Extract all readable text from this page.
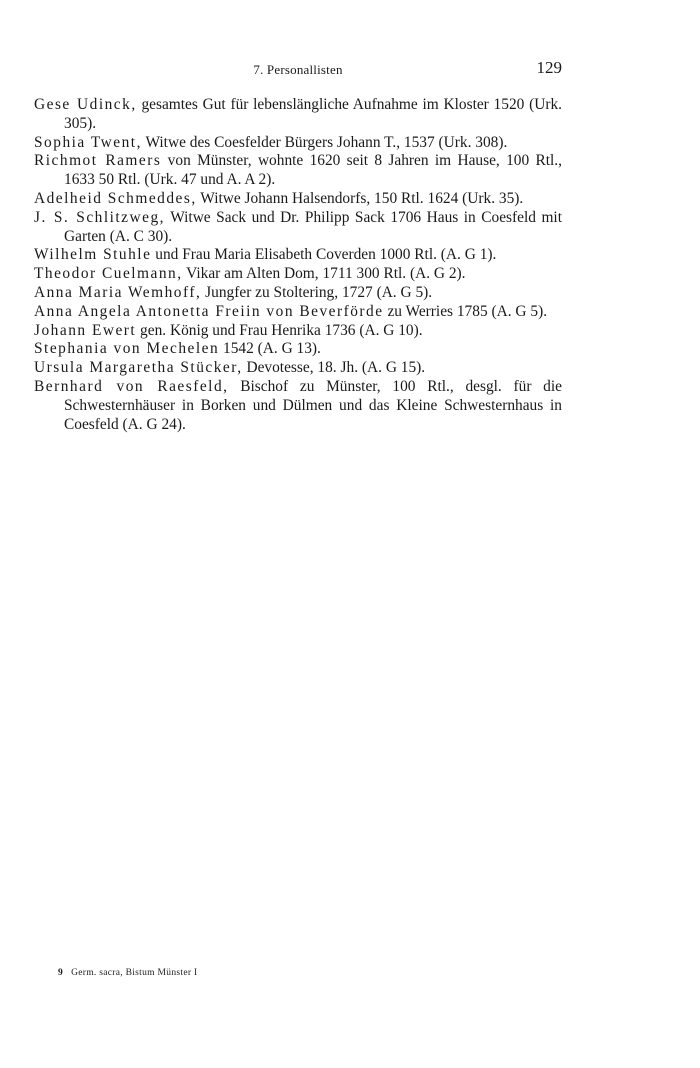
7. Personallisten	129
Gese Udinck, gesamtes Gut für lebenslängliche Aufnahme im Kloster 1520 (Urk. 305).
Sophia Twent, Witwe des Coesfelder Bürgers Johann T., 1537 (Urk. 308).
Richmot Ramers von Münster, wohnte 1620 seit 8 Jahren im Hause, 100 Rtl., 1633 50 Rtl. (Urk. 47 und A. A 2).
Adelheid Schmeddes, Witwe Johann Halsendorfs, 150 Rtl. 1624 (Urk. 35).
J. S. Schlitzweg, Witwe Sack und Dr. Philipp Sack 1706 Haus in Coesfeld mit Garten (A. C 30).
Wilhelm Stuhle und Frau Maria Elisabeth Coverden 1000 Rtl. (A. G 1).
Theodor Cuelmann, Vikar am Alten Dom, 1711 300 Rtl. (A. G 2).
Anna Maria Wemhoff, Jungfer zu Stoltering, 1727 (A. G 5).
Anna Angela Antonetta Freiin von Beverförde zu Werries 1785 (A. G 5).
Johann Ewert gen. König und Frau Henrika 1736 (A. G 10).
Stephania von Mechelen 1542 (A. G 13).
Ursula Margaretha Stücker, Devotesse, 18. Jh. (A. G 15).
Bernhard von Raesfeld, Bischof zu Münster, 100 Rtl., desgl. für die Schwesternhäuser in Borken und Dülmen und das Kleine Schwesternhaus in Coesfeld (A. G 24).
9 Germ. sacra, Bistum Münster I
